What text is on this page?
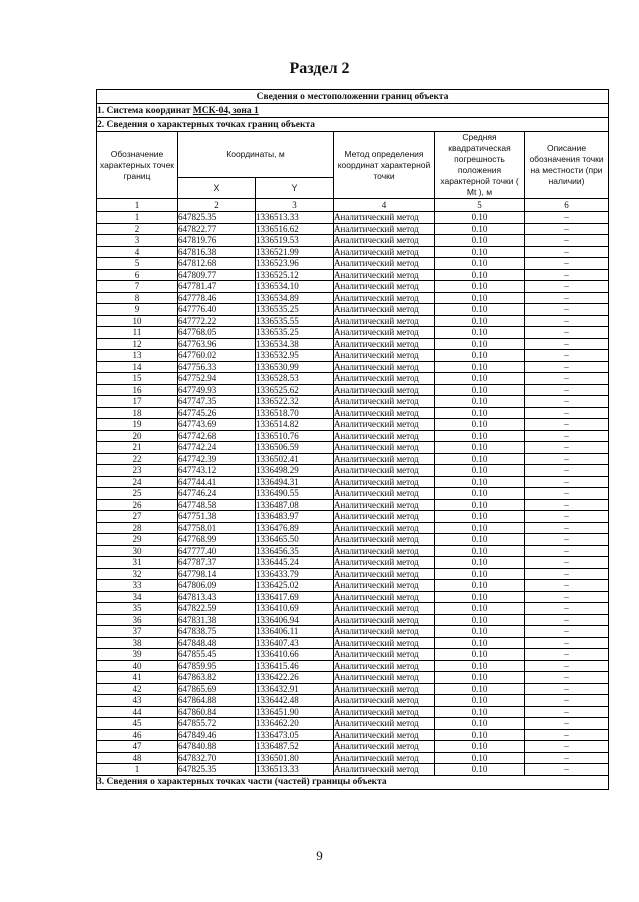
Раздел 2
Сведения о местоположении границ объекта					
1. Система координат МСК-04, зона 1					
2. Сведения о характерных точках границ объекта					
Обозначение характерных точек границ	Координаты, м		Метод определения координат характерной точки	Средняя квадратическая погрешность положения характерной точки ( Mt ), м	Описание обозначения точки на местности (при наличии)
	X	Y			
1	2	3	4	5	6
1	647825.35	1336513.33	Аналитический метод	0.10	–
2	647822.77	1336516.62	Аналитический метод	0.10	–
3	647819.76	1336519.53	Аналитический метод	0.10	–
4	647816.38	1336521.99	Аналитический метод	0.10	–
5	647812.68	1336523.96	Аналитический метод	0.10	–
6	647809.77	1336525.12	Аналитический метод	0.10	–
7	647781.47	1336534.10	Аналитический метод	0.10	–
8	647778.46	1336534.89	Аналитический метод	0.10	–
9	647776.40	1336535.25	Аналитический метод	0.10	–
10	647772.22	1336535.55	Аналитический метод	0.10	–
11	647768.05	1336535.25	Аналитический метод	0.10	–
12	647763.96	1336534.38	Аналитический метод	0.10	–
13	647760.02	1336532.95	Аналитический метод	0.10	–
14	647756.33	1336530.99	Аналитический метод	0.10	–
15	647752.94	1336528.53	Аналитический метод	0.10	–
16	647749.93	1336525.62	Аналитический метод	0.10	–
17	647747.35	1336522.32	Аналитический метод	0.10	–
18	647745.26	1336518.70	Аналитический метод	0.10	–
19	647743.69	1336514.82	Аналитический метод	0.10	–
20	647742.68	1336510.76	Аналитический метод	0.10	–
21	647742.24	1336506.59	Аналитический метод	0.10	–
22	647742.39	1336502.41	Аналитический метод	0.10	–
23	647743.12	1336498.29	Аналитический метод	0.10	–
24	647744.41	1336494.31	Аналитический метод	0.10	–
25	647746.24	1336490.55	Аналитический метод	0.10	–
26	647748.58	1336487.08	Аналитический метод	0.10	–
27	647751.38	1336483.97	Аналитический метод	0.10	–
28	647758.01	1336476.89	Аналитический метод	0.10	–
29	647768.99	1336465.50	Аналитический метод	0.10	–
30	647777.40	1336456.35	Аналитический метод	0.10	–
31	647787.37	1336445.24	Аналитический метод	0.10	–
32	647798.14	1336433.79	Аналитический метод	0.10	–
33	647806.09	1336425.02	Аналитический метод	0.10	–
34	647813.43	1336417.69	Аналитический метод	0.10	–
35	647822.59	1336410.69	Аналитический метод	0.10	–
36	647831.38	1336406.94	Аналитический метод	0.10	–
37	647838.75	1336406.11	Аналитический метод	0.10	–
38	647848.48	1336407.43	Аналитический метод	0.10	–
39	647855.45	1336410.66	Аналитический метод	0.10	–
40	647859.95	1336415.46	Аналитический метод	0.10	–
41	647863.82	1336422.26	Аналитический метод	0.10	–
42	647865.69	1336432.91	Аналитический метод	0.10	–
43	647864.88	1336442.48	Аналитический метод	0.10	–
44	647860.84	1336451.90	Аналитический метод	0.10	–
45	647855.72	1336462.20	Аналитический метод	0.10	–
46	647849.46	1336473.05	Аналитический метод	0.10	–
47	647840.88	1336487.52	Аналитический метод	0.10	–
48	647832.70	1336501.80	Аналитический метод	0.10	–
1	647825.35	1336513.33	Аналитический метод	0.10	–
3. Сведения о характерных точках части (частей) границы объекта					
9
